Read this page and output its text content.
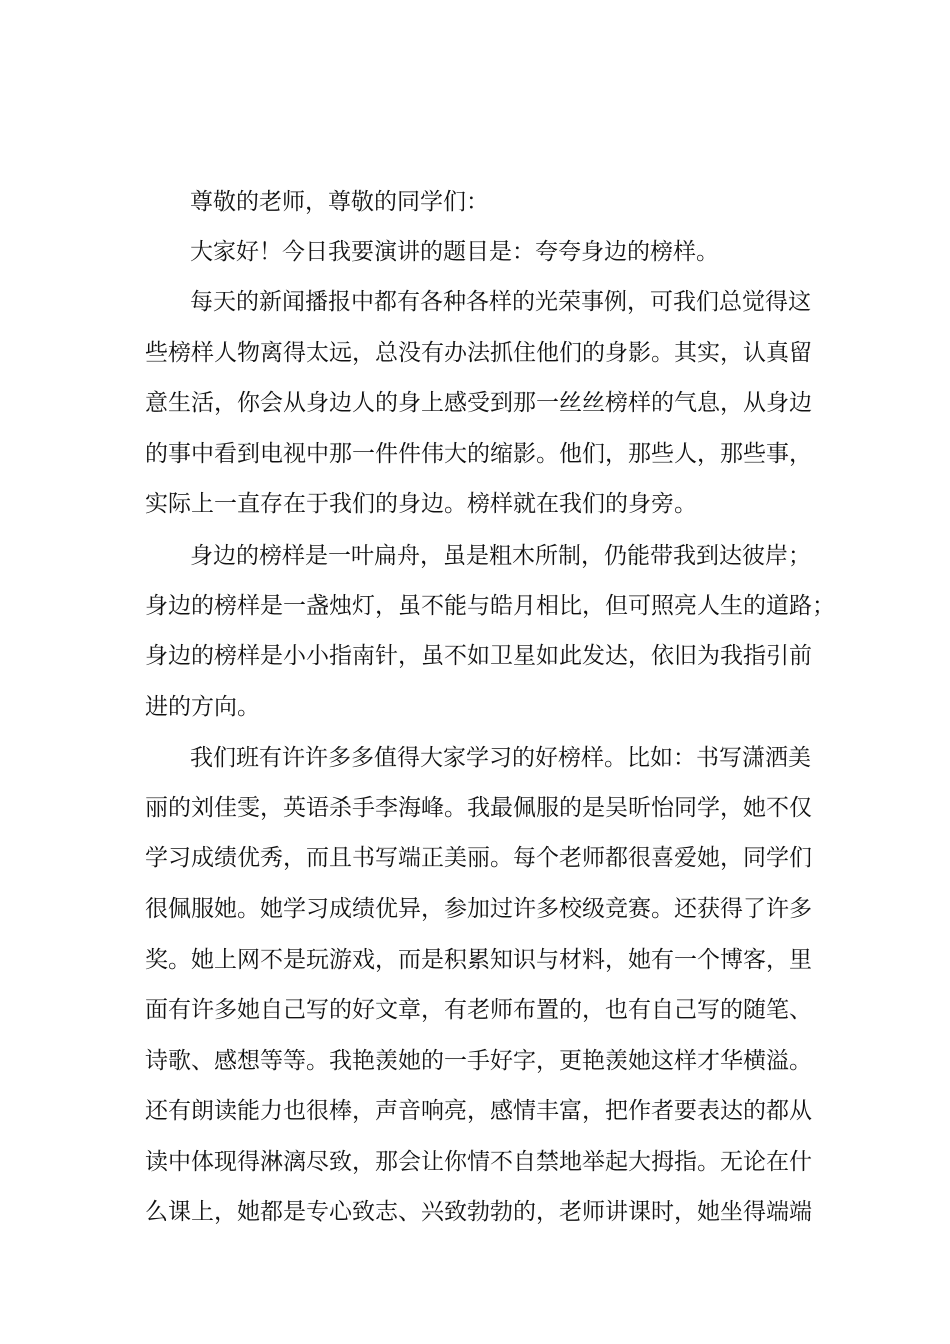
尊敬的老师，尊敬的同学们：
大家好！今日我要演讲的题目是：夸夸身边的榜样。
每天的新闻播报中都有各种各样的光荣事例，可我们总觉得这
些榜样人物离得太远，总没有办法抓住他们的身影。其实，认真留
意生活，你会从身边人的身上感受到那一丝丝榜样的气息，从身边
的事中看到电视中那一件件伟大的缩影。他们，那些人，那些事，
实际上一直存在于我们的身边。榜样就在我们的身旁。
身边的榜样是一叶扁舟，虽是粗木所制，仍能带我到达彼岸；
身边的榜样是一盏烛灯，虽不能与皓月相比，但可照亮人生的道路；
身边的榜样是小小指南针，虽不如卫星如此发达，依旧为我指引前
进的方向。
我们班有许许多多值得大家学习的好榜样。比如：书写潇洒美
丽的刘佳雯，英语杀手李海峰。我最佩服的是吴昕怡同学，她不仅
学习成绩优秀，而且书写端正美丽。每个老师都很喜爱她，同学们
很佩服她。她学习成绩优异，参加过许多校级竞赛。还获得了许多
奖。她上网不是玩游戏，而是积累知识与材料，她有一个博客，里
面有许多她自己写的好文章，有老师布置的，也有自己写的随笔、
诗歌、感想等等。我艳羡她的一手好字，更艳羡她这样才华横溢。
还有朗读能力也很棒，声音响亮，感情丰富，把作者要表达的都从
读中体现得淋漓尽致，那会让你情不自禁地举起大拇指。无论在什
么课上，她都是专心致志、兴致勃勃的，老师讲课时，她坐得端端
